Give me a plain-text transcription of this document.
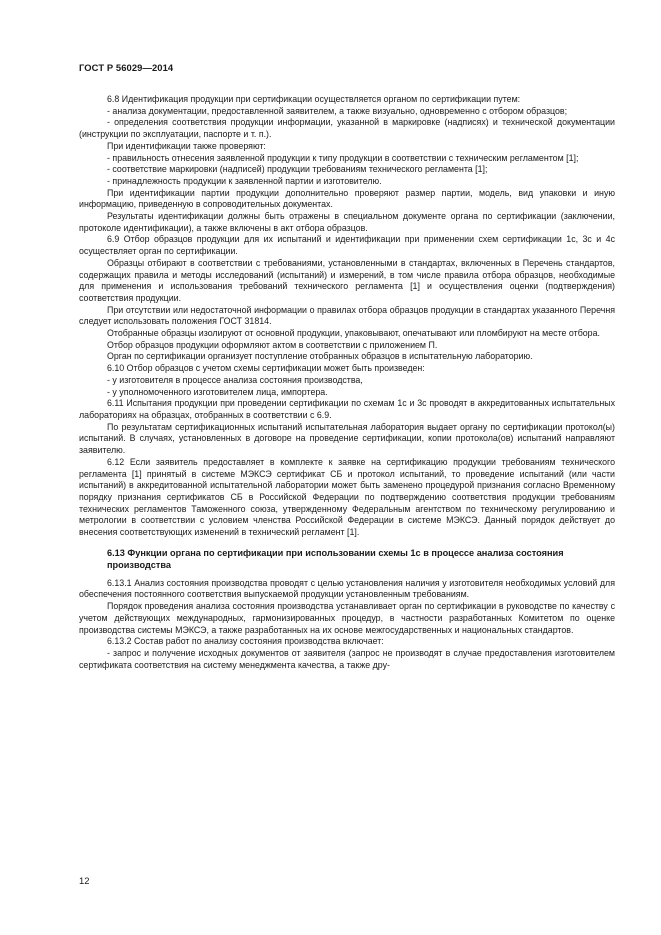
ГОСТ Р 56029—2014

6.8 Идентификация продукции при сертификации осуществляется органом по сертификации путем:

- анализа документации, предоставленной заявителем, а также визуально, одновременно с отбором образцов;

- определения соответствия продукции информации, указанной в маркировке (надписях) и технической документации (инструкции по эксплуатации, паспорте и т. п.).

При идентификации также проверяют:

- правильность отнесения заявленной продукции к типу продукции в соответствии с техническим регламентом [1];

- соответствие маркировки (надписей) продукции требованиям технического регламента [1];

- принадлежность продукции к заявленной партии и изготовителю.

При идентификации партии продукции дополнительно проверяют размер партии, модель, вид упаковки и иную информацию, приведенную в сопроводительных документах.

Результаты идентификации должны быть отражены в специальном документе органа по сертификации (заключении, протоколе идентификации), а также включены в акт отбора образцов.

6.9 Отбор образцов продукции для их испытаний и идентификации при применении схем сертификации 1с, 3с и 4с осуществляет орган по сертификации.

Образцы отбирают в соответствии с требованиями, установленными в стандартах, включенных в Перечень стандартов, содержащих правила и методы исследований (испытаний) и измерений, в том числе правила отбора образцов, необходимые для применения и использования требований технического регламента [1] и осуществления оценки (подтверждения) соответствия продукции.

При отсутствии или недостаточной информации о правилах отбора образцов продукции в стандартах указанного Перечня следует использовать положения ГОСТ 31814.

Отобранные образцы изолируют от основной продукции, упаковывают, опечатывают или пломбируют на месте отбора.

Отбор образцов продукции оформляют актом в соответствии с приложением П.

Орган по сертификации организует поступление отобранных образцов в испытательную лабораторию.

6.10 Отбор образцов с учетом схемы сертификации может быть произведен:

- у изготовителя в процессе анализа состояния производства,

- у уполномоченного изготовителем лица, импортера.

6.11 Испытания продукции при проведении сертификации по схемам 1с и 3с проводят в аккредитованных испытательных лабораториях на образцах, отобранных в соответствии с 6.9.

По результатам сертификационных испытаний испытательная лаборатория выдает органу по сертификации протокол(ы) испытаний. В случаях, установленных в договоре на проведение сертификации, копии протокола(ов) испытаний направляют заявителю.

6.12 Если заявитель предоставляет в комплекте к заявке на сертификацию продукции требованиям технического регламента [1] принятый в системе МЭКСЭ сертификат СБ и протокол испытаний, то проведение испытаний (или части испытаний) в аккредитованной испытательной лаборатории может быть заменено процедурой признания согласно Временному порядку признания сертификатов СБ в Российской Федерации по подтверждению соответствия продукции требованиям технических регламентов Таможенного союза, утвержденному Федеральным агентством по техническому регулированию и метрологии в соответствии с условием членства Российской Федерации в системе МЭКСЭ. Данный порядок действует до внесения соответствующих изменений в технический регламент [1].

6.13 Функции органа по сертификации при использовании схемы 1с в процессе анализа состояния производства

6.13.1 Анализ состояния производства проводят с целью установления наличия у изготовителя необходимых условий для обеспечения постоянного соответствия выпускаемой продукции установленным требованиям.

Порядок проведения анализа состояния производства устанавливает орган по сертификации в руководстве по качеству с учетом действующих международных, гармонизированных процедур, в частности разработанных Комитетом по оценке производства системы МЭКСЭ, а также разработанных на их основе межгосударственных и национальных стандартов.

6.13.2 Состав работ по анализу состояния производства включает:

- запрос и получение исходных документов от заявителя (запрос не производят в случае предоставления изготовителем сертификата соответствия на систему менеджмента качества, а также дру-

12
